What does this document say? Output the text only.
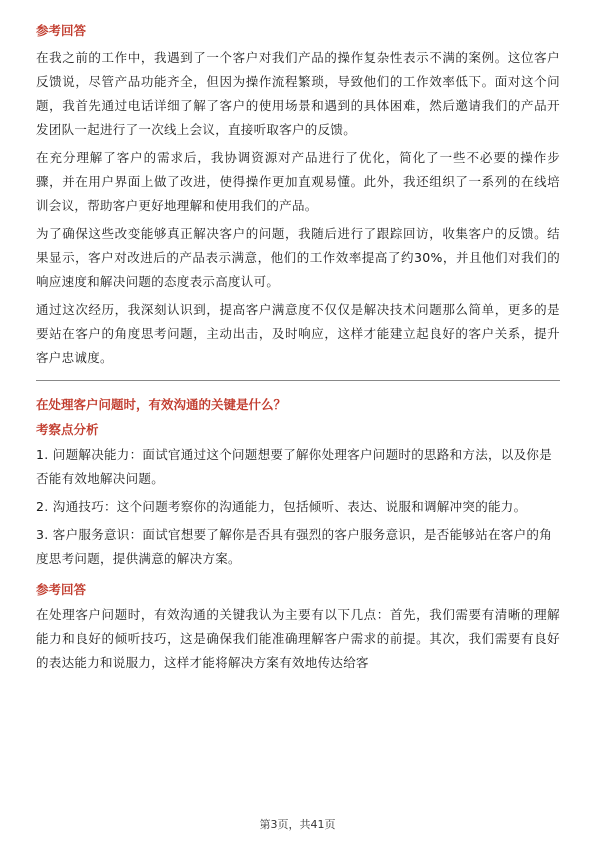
参考回答

在我之前的工作中，我遇到了一个客户对我们产品的操作复杂性表示不满的案例。这位客户反馈说，尽管产品功能齐全，但因为操作流程繁琐，导致他们的工作效率低下。面对这个问题，我首先通过电话详细了解了客户的使用场景和遇到的具体困难，然后邀请我们的产品开发团队一起进行了一次线上会议，直接听取客户的反馈。

在充分理解了客户的需求后，我协调资源对产品进行了优化，简化了一些不必要的操作步骤，并在用户界面上做了改进，使得操作更加直观易懂。此外，我还组织了一系列的在线培训会议，帮助客户更好地理解和使用我们的产品。

为了确保这些改变能够真正解决客户的问题，我随后进行了跟踪回访，收集客户的反馈。结果显示，客户对改进后的产品表示满意，他们的工作效率提高了约30%，并且他们对我们的响应速度和解决问题的态度表示高度认可。

通过这次经历，我深刻认识到，提高客户满意度不仅仅是解决技术问题那么简单，更多的是要站在客户的角度思考问题，主动出击，及时响应，这样才能建立起良好的客户关系，提升客户忠诚度。

在处理客户问题时，有效沟通的关键是什么？
考察点分析

1. 问题解决能力：面试官通过这个问题想要了解你处理客户问题时的思路和方法，以及你是否能有效地解决问题。

2. 沟通技巧：这个问题考察你的沟通能力，包括倾听、表达、说服和调解冲突的能力。

3. 客户服务意识：面试官想要了解你是否具有强烈的客户服务意识，是否能够站在客户的角度思考问题，提供满意的解决方案。

参考回答

在处理客户问题时，有效沟通的关键我认为主要有以下几点：首先，我们需要有清晰的理解能力和良好的倾听技巧，这是确保我们能准确理解客户需求的前提。其次，我们需要有良好的表达能力和说服力，这样才能将解决方案有效地传达给客

第3页，共41页
